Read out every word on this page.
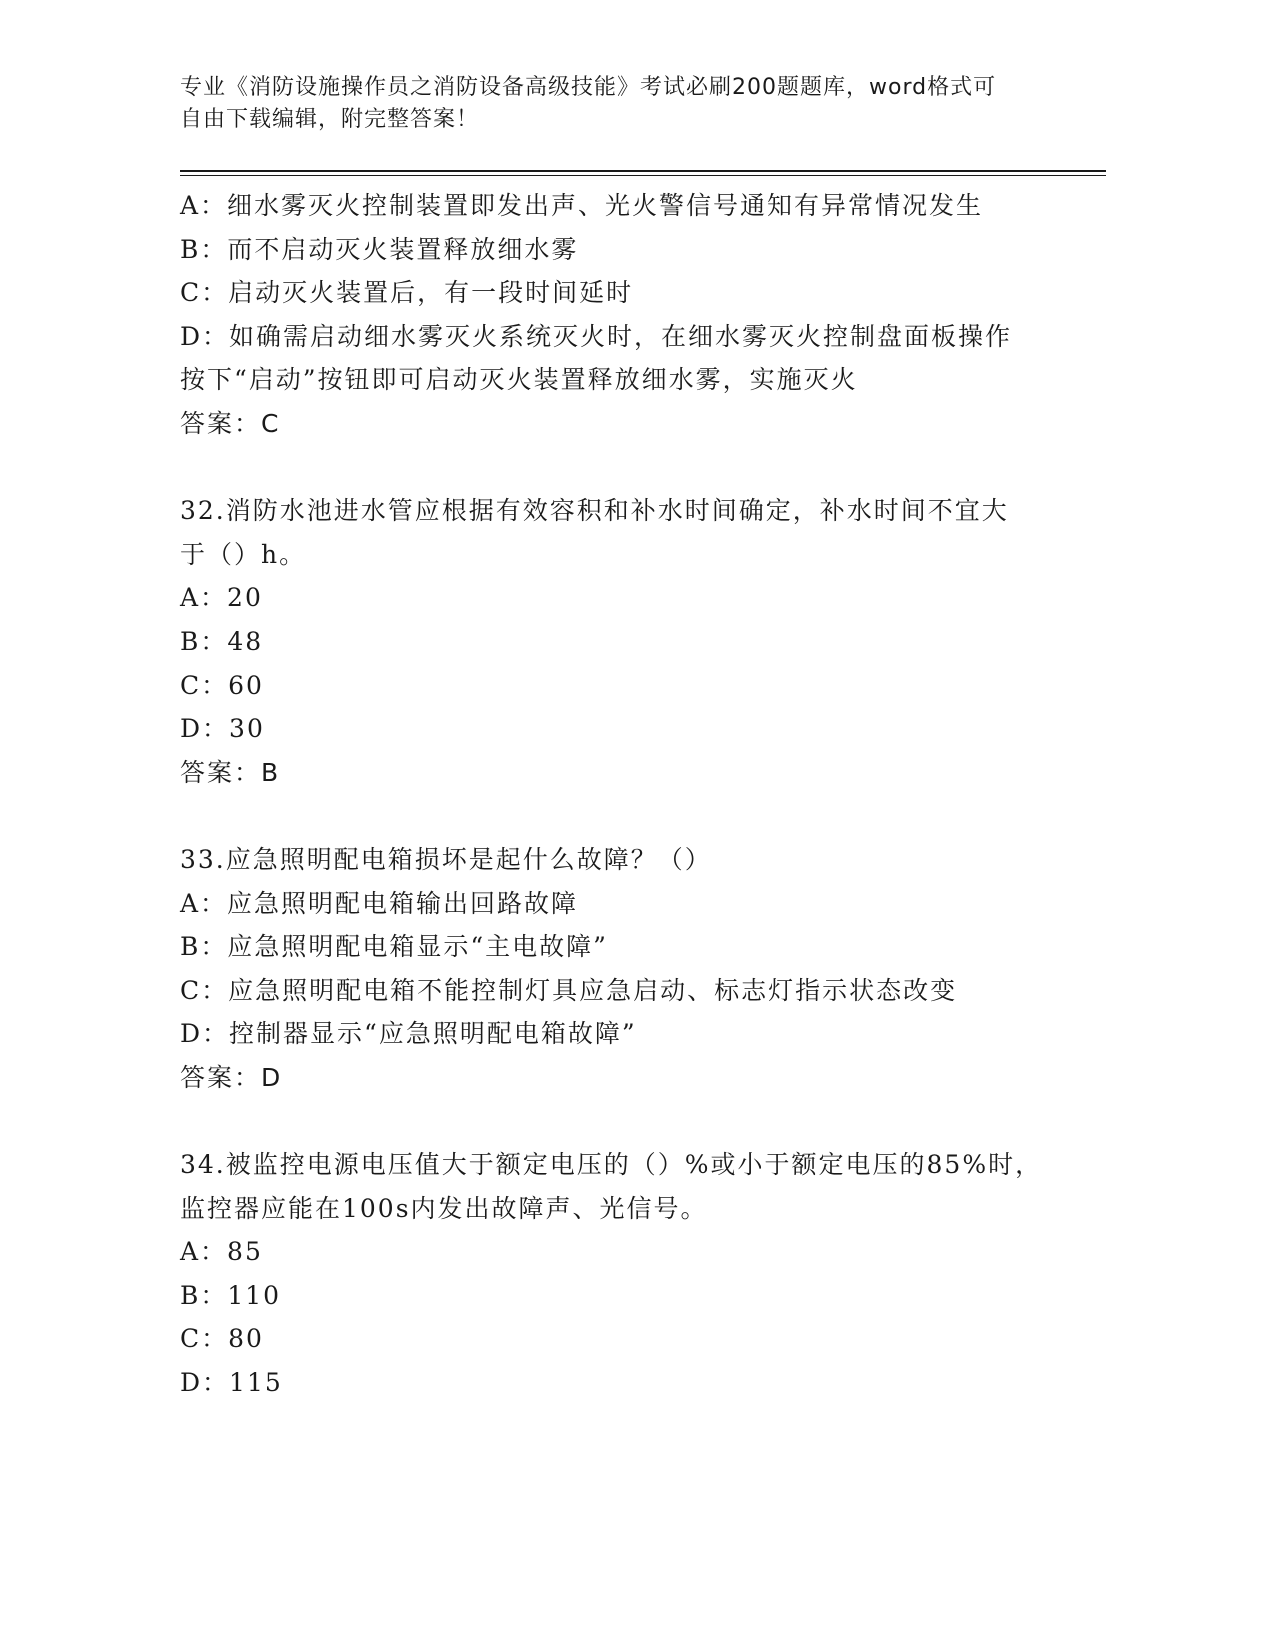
专业《消防设施操作员之消防设备高级技能》考试必刷200题题库，word格式可
自由下载编辑，附完整答案！
A：细水雾灭火控制装置即发出声、光火警信号通知有异常情况发生
B：而不启动灭火装置释放细水雾
C：启动灭火装置后，有一段时间延时
D：如确需启动细水雾灭火系统灭火时，在细水雾灭火控制盘面板操作
按下“启动”按钮即可启动灭火装置释放细水雾，实施灭火
答案：C
32.消防水池进水管应根据有效容积和补水时间确定，补水时间不宜大
于（）h。
A：20
B：48
C：60
D：30
答案：B
33.应急照明配电箱损坏是起什么故障？（）
A：应急照明配电箱输出回路故障
B：应急照明配电箱显示“主电故障”
C：应急照明配电箱不能控制灯具应急启动、标志灯指示状态改变
D：控制器显示“应急照明配电箱故障”
答案：D
34.被监控电源电压值大于额定电压的（）%或小于额定电压的85%时，
监控器应能在100s内发出故障声、光信号。
A：85
B：110
C：80
D：115
